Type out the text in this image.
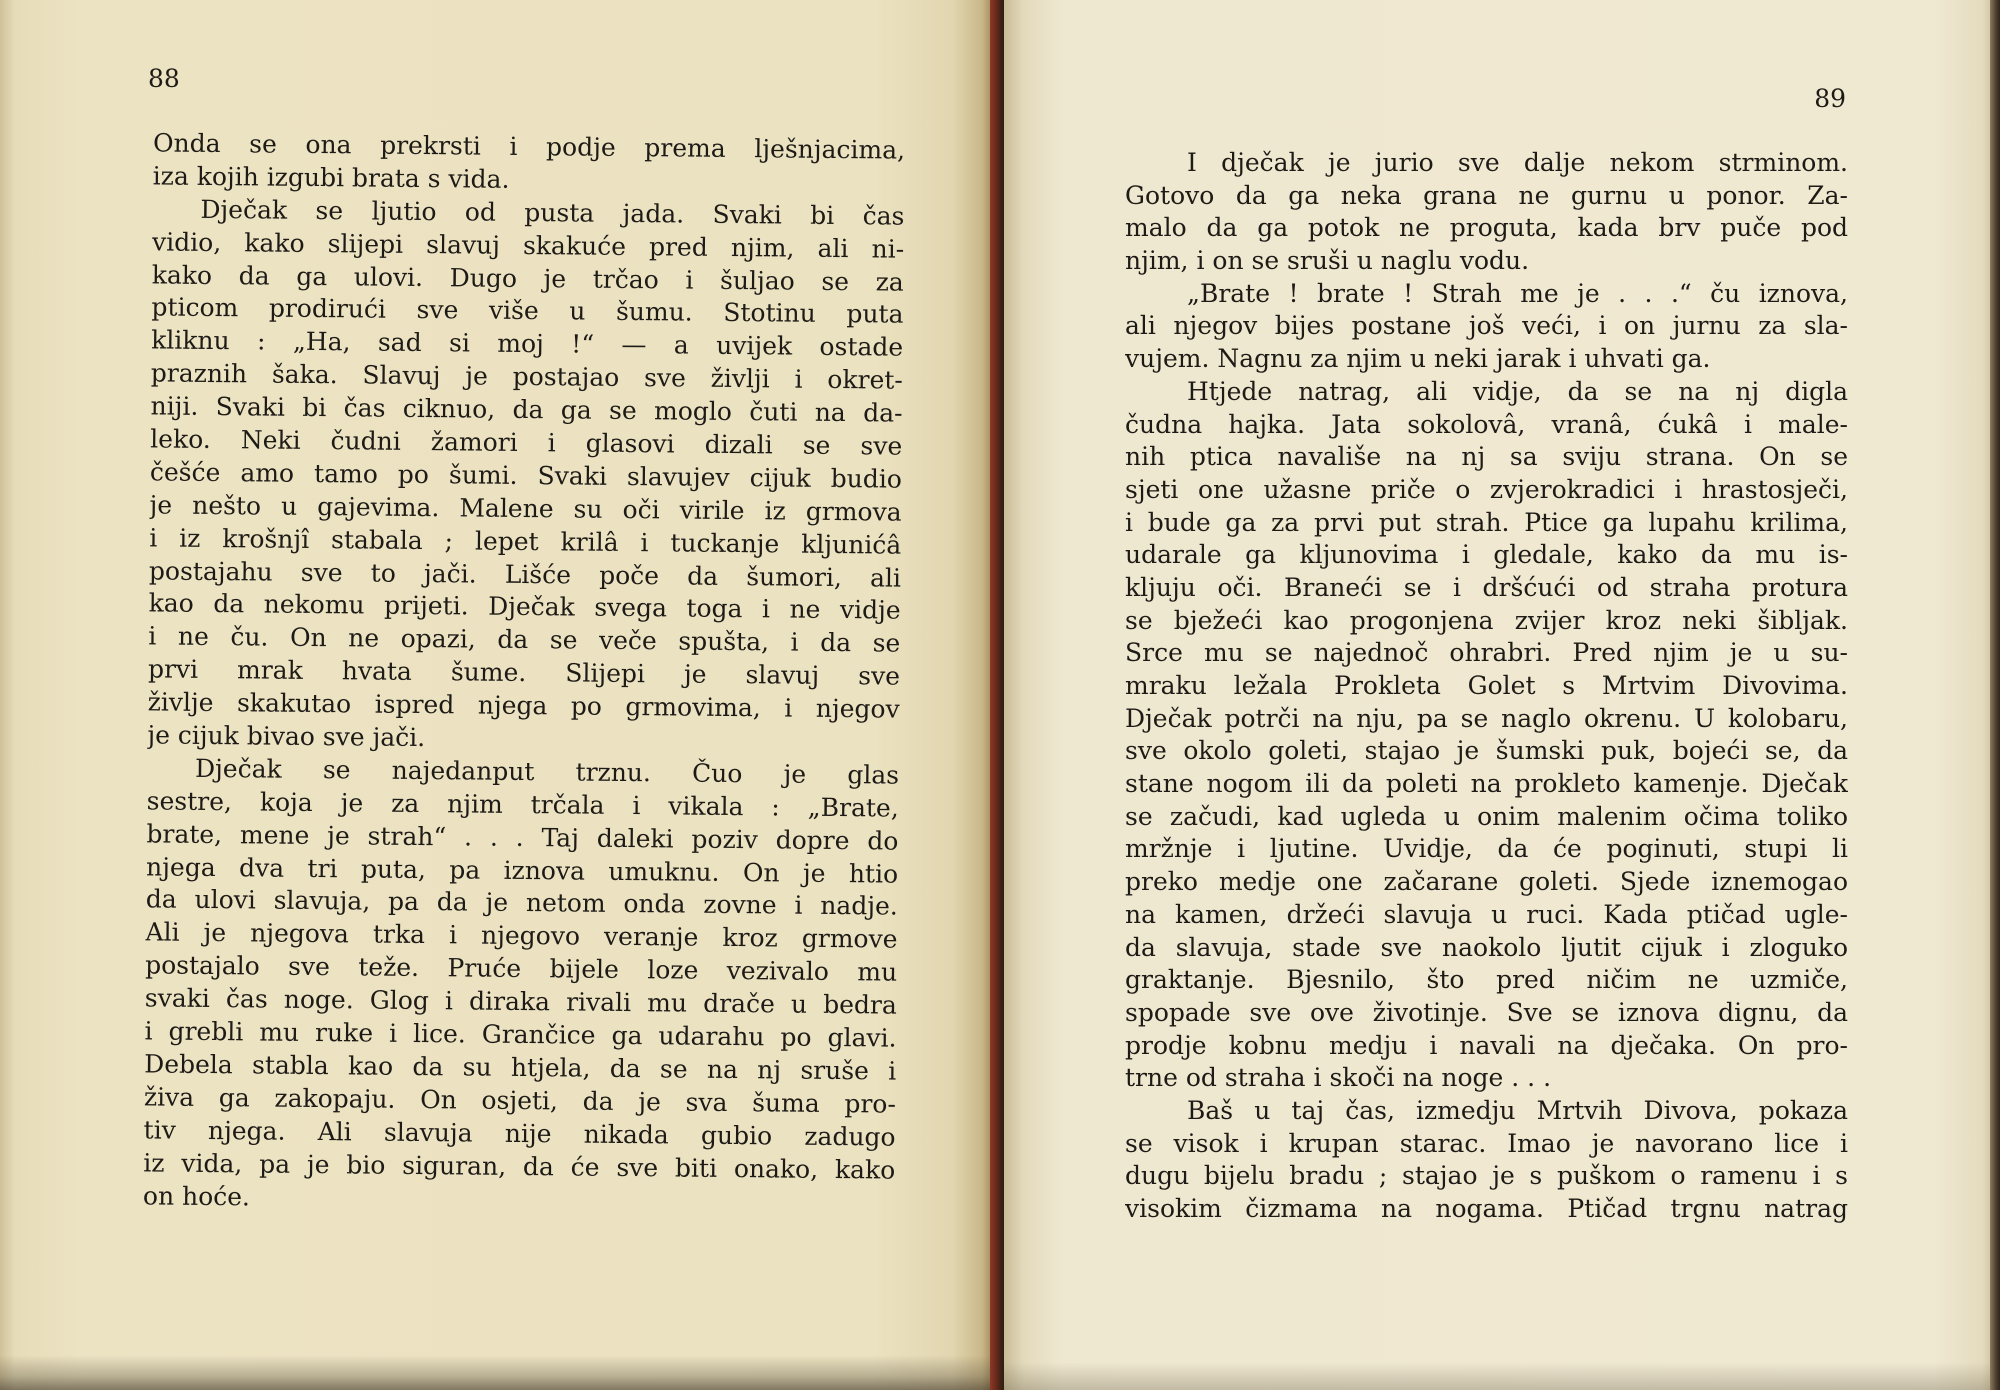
88
Onda se ona prekrsti i podje prema lješnjacima,
iza kojih izgubi brata s vida.
Dječak se ljutio od pusta jada. Svaki bi čas
vidio, kako slijepi slavuj skakuće pred njim, ali ni-
kako da ga ulovi. Dugo je trčao i šuljao se za
pticom prodirući sve više u šumu. Stotinu puta
kliknu : „Ha, sad si moj !“ — a uvijek ostade
praznih šaka. Slavuj je postajao sve življi i okret-
niji. Svaki bi čas ciknuo, da ga se moglo čuti na da-
leko. Neki čudni žamori i glasovi dizali se sve
češće amo tamo po šumi. Svaki slavujev cijuk budio
je nešto u gajevima. Malene su oči virile iz grmova
i iz krošnjî stabala ; lepet krilâ i tuckanje kljunićâ
postajahu sve to jači. Lišće poče da šumori, ali
kao da nekomu prijeti. Dječak svega toga i ne vidje
i ne ču. On ne opazi, da se veče spušta, i da se
prvi mrak hvata šume. Slijepi je slavuj sve
življe skakutao ispred njega po grmovima, i njegov
je cijuk bivao sve jači.
Dječak se najedanput trznu. Čuo je glas
sestre, koja je za njim trčala i vikala : „Brate,
brate, mene je strah“ . . . Taj daleki poziv dopre do
njega dva tri puta, pa iznova umuknu. On je htio
da ulovi slavuja, pa da je netom onda zovne i nadje.
Ali je njegova trka i njegovo veranje kroz grmove
postajalo sve teže. Pruće bijele loze vezivalo mu
svaki čas noge. Glog i diraka rivali mu drače u bedra
i grebli mu ruke i lice. Grančice ga udarahu po glavi.
Debela stabla kao da su htjela, da se na nj sruše i
živa ga zakopaju. On osjeti, da je sva šuma pro-
tiv njega. Ali slavuja nije nikada gubio zadugo
iz vida, pa je bio siguran, da će sve biti onako, kako
on hoće.
89
I dječak je jurio sve dalje nekom strminom.
Gotovo da ga neka grana ne gurnu u ponor. Za-
malo da ga potok ne proguta, kada brv puče pod
njim, i on se sruši u naglu vodu.
„Brate ! brate ! Strah me je . . .“ ču iznova,
ali njegov bijes postane još veći, i on jurnu za sla-
vujem. Nagnu za njim u neki jarak i uhvati ga.
Htjede natrag, ali vidje, da se na nj digla
čudna hajka. Jata sokolovâ, vranâ, ćukâ i male-
nih ptica navališe na nj sa sviju strana. On se
sjeti one užasne priče o zvjerokradici i hrastosječi,
i bude ga za prvi put strah. Ptice ga lupahu krilima,
udarale ga kljunovima i gledale, kako da mu is-
kljuju oči. Braneći se i dršćući od straha protura
se bježeći kao progonjena zvijer kroz neki šibljak.
Srce mu se najednoč ohrabri. Pred njim je u su-
mraku ležala Prokleta Golet s Mrtvim Divovima.
Dječak potrči na nju, pa se naglo okrenu. U kolobaru,
sve okolo goleti, stajao je šumski puk, bojeći se, da
stane nogom ili da poleti na prokleto kamenje. Dječak
se začudi, kad ugleda u onim malenim očima toliko
mržnje i ljutine. Uvidje, da će poginuti, stupi li
preko medje one začarane goleti. Sjede iznemogao
na kamen, držeći slavuja u ruci. Kada ptičad ugle-
da slavuja, stade sve naokolo ljutit cijuk i zloguko
graktanje. Bjesnilo, što pred ničim ne uzmiče,
spopade sve ove životinje. Sve se iznova dignu, da
prodje kobnu medju i navali na dječaka. On pro-
trne od straha i skoči na noge . . .
Baš u taj čas, izmedju Mrtvih Divova, pokaza
se visok i krupan starac. Imao je navorano lice i
dugu bijelu bradu ; stajao je s puškom o ramenu i s
visokim čizmama na nogama. Ptičad trgnu natrag
